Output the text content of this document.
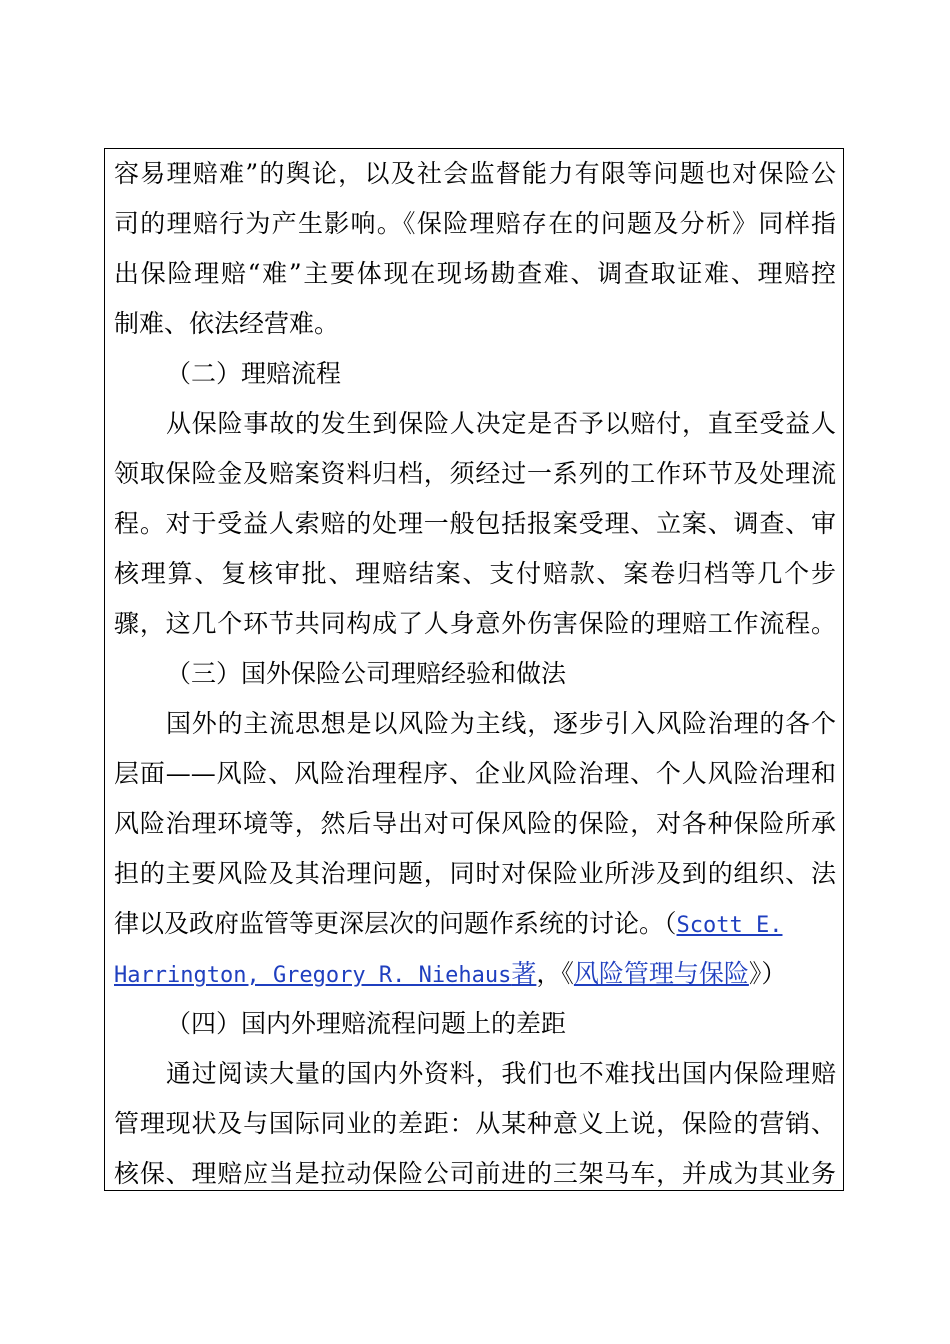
容易理赔难”的舆论，以及社会监督能力有限等问题也对保险公
司的理赔行为产生影响。《保险理赔存在的问题及分析》同样指
出保险理赔“难”主要体现在现场勘查难、调查取证难、理赔控
制难、依法经营难。
（二）理赔流程
从保险事故的发生到保险人决定是否予以赔付，直至受益人
领取保险金及赔案资料归档，须经过一系列的工作环节及处理流
程。对于受益人索赔的处理一般包括报案受理、立案、调查、审
核理算、复核审批、理赔结案、支付赔款、案卷归档等几个步
骤，这几个环节共同构成了人身意外伤害保险的理赔工作流程。
（三）国外保险公司理赔经验和做法
国外的主流思想是以风险为主线，逐步引入风险治理的各个
层面——风险、风险治理程序、企业风险治理、个人风险治理和
风险治理环境等，然后导出对可保风险的保险，对各种保险所承
担的主要风险及其治理问题，同时对保险业所涉及到的组织、法
律以及政府监管等更深层次的问题作系统的讨论。（Scott E.
Harrington, Gregory R. Niehaus著，《风险管理与保险》）
（四）国内外理赔流程问题上的差距
通过阅读大量的国内外资料，我们也不难找出国内保险理赔
管理现状及与国际同业的差距：从某种意义上说，保险的营销、
核保、理赔应当是拉动保险公司前进的三架马车，并成为其业务
